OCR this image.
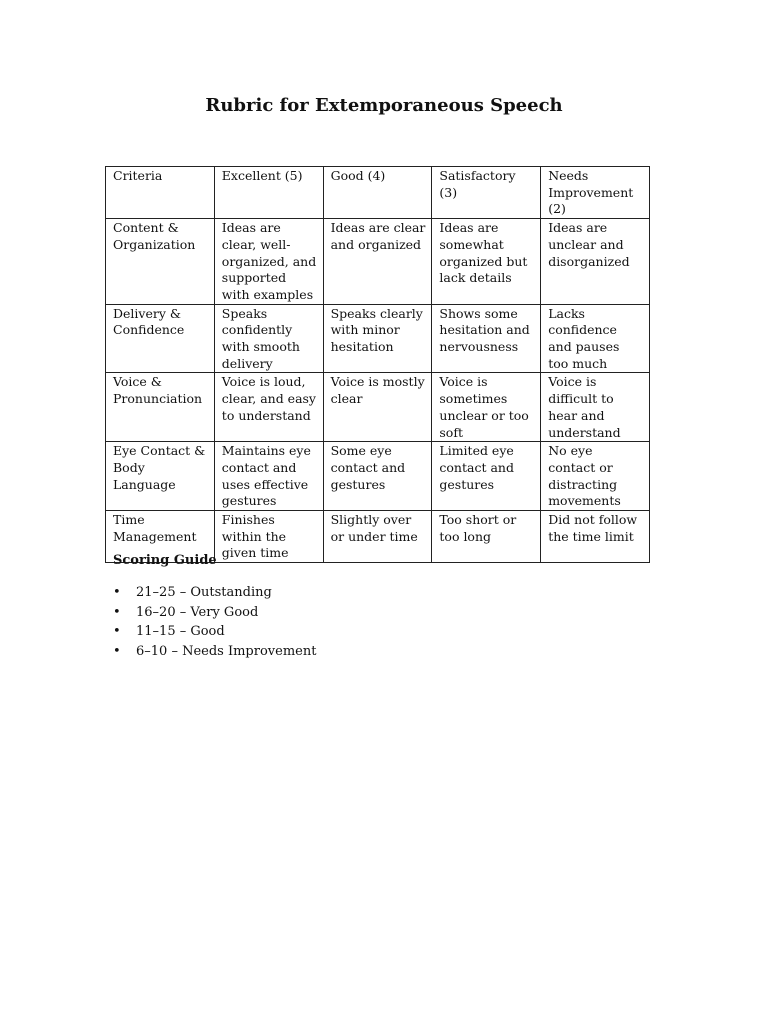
Rubric for Extemporaneous Speech
Criteria	Excellent (5)	Good (4)	Satisfactory (3)	Needs Improvement (2)
Content & Organization	Ideas are clear, well-organized, and supported with examples	Ideas are clear and organized	Ideas are somewhat organized but lack details	Ideas are unclear and disorganized
Delivery & Confidence	Speaks confidently with smooth delivery	Speaks clearly with minor hesitation	Shows some hesitation and nervousness	Lacks confidence and pauses too much
Voice & Pronunciation	Voice is loud, clear, and easy to understand	Voice is mostly clear	Voice is sometimes unclear or too soft	Voice is difficult to hear and understand
Eye Contact & Body Language	Maintains eye contact and uses effective gestures	Some eye contact and gestures	Limited eye contact and gestures	No eye contact or distracting movements
Time Management	Finishes within the given time	Slightly over or under time	Too short or too long	Did not follow the time limit
Scoring Guide
• 21–25 – Outstanding
• 16–20 – Very Good
• 11–15 – Good
• 6–10 – Needs Improvement
